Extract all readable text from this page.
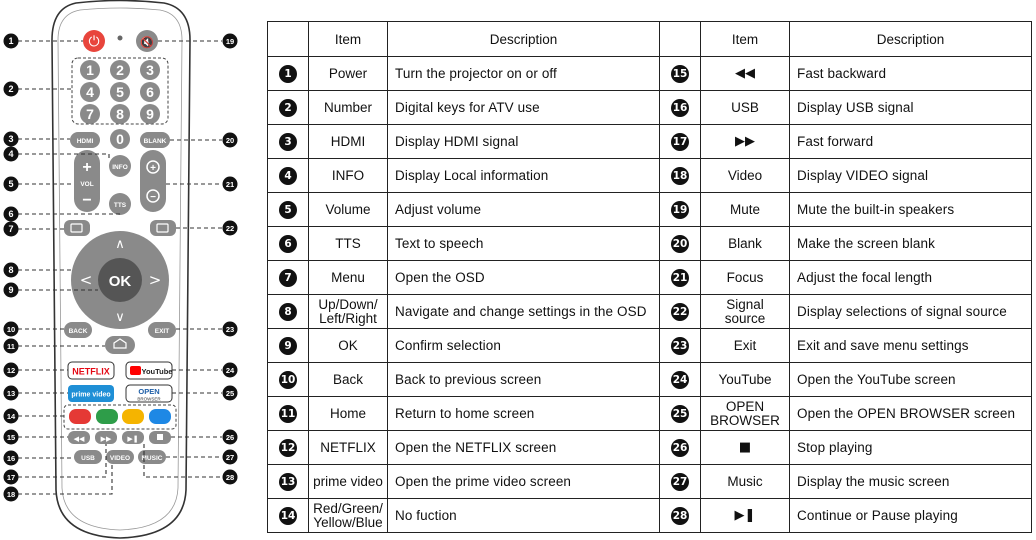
⏻	🔇
1 2 3
4 5 6
7 8 9
0
HDMI	BLANK
+
VOL
−
INFO
TTS
+
−
OK
∧
∨
<	>
BACK	EXIT
NETFLIX	YouTube
prime video	OPEN
BROWSER
◀◀ ▶▶ ▶❚
USB VIDEO MUSIC
1
2
3
4
5
6
7
8
9
10
11
12
13
14
15
16
17
18
19
20
21
22
23
24
25
26
27
28
	Item	Description		Item	Description
1	Power	Turn the projector on or off	15	◀◀	Fast backward
2	Number	Digital keys for ATV use	16	USB	Display USB signal
3	HDMI	Display HDMI signal	17	▶▶	Fast forward
4	INFO	Display Local information	18	Video	Display VIDEO signal
5	Volume	Adjust volume	19	Mute	Mute the built-in speakers
6	TTS	Text to speech	20	Blank	Make the screen blank
7	Menu	Open the OSD	21	Focus	Adjust the focal length
8	Up/Down/
Left/Right	Navigate and change settings in the OSD	22	Signal source	Display selections of signal source
9	OK	Confirm selection	23	Exit	Exit and save menu settings
10	Back	Back to previous screen	24	YouTube	Open the YouTube screen
11	Home	Return to home screen	25	OPEN
BROWSER	Open the OPEN BROWSER screen
12	NETFLIX	Open the NETFLIX screen	26	■	Stop playing
13	prime video	Open the prime video screen	27	Music	Display the music screen
14	Red/Green/
Yellow/Blue	No fuction	28	▶❚	Continue or Pause playing
